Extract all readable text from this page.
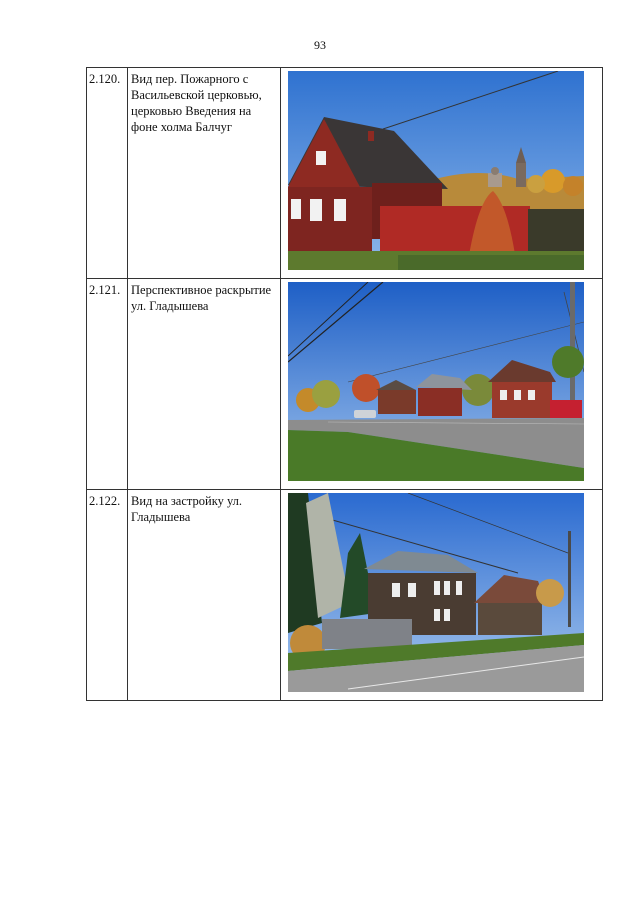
93
2.120.	Вид пер. Пожарного с Васильевской церковью, церковью Введения на фоне холма Балчуг	

2.121.	Перспективное раскрытие ул. Гладышева	

2.122.	Вид на застройку ул. Гладышева	
